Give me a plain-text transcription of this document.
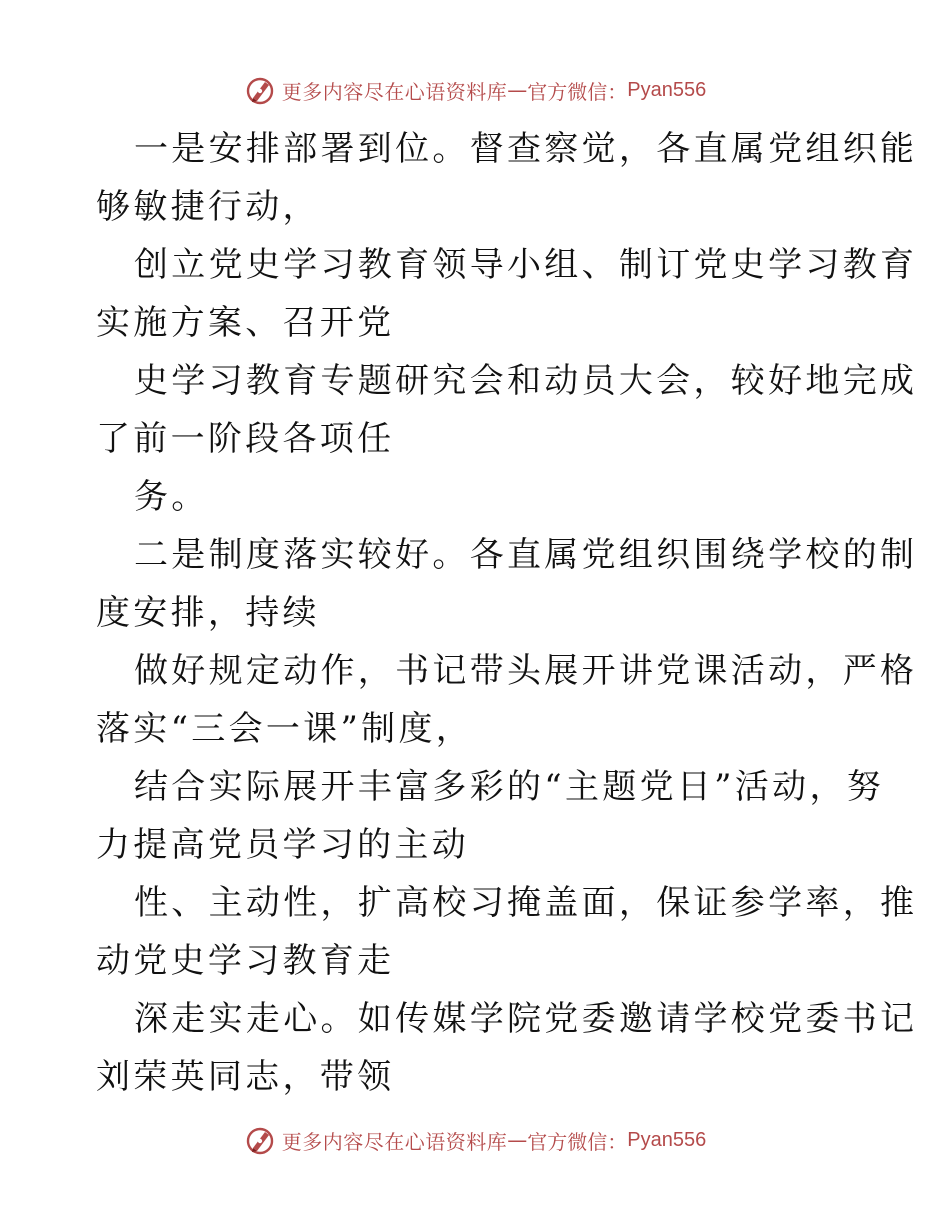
更多内容尽在心语资料库 — 官方微信： Pyan556
一是安排部署到位。督查察觉，各直属党组织能
够敏捷行动，
创立党史学习教育领导小组、制订党史学习教育
实施方案、召开党
史学习教育专题研究会和动员大会，较好地完成
了前一阶段各项任
务。
二是制度落实较好。各直属党组织围绕学校的制
度安排，持续
做好规定动作，书记带头展开讲党课活动，严格
落实“三会一课”制度，
结合实际展开丰富多彩的“主题党日”活动，努
力提高党员学习的主动
性、主动性，扩高校习掩盖面，保证参学率，推
动党史学习教育走
深走实走心。如传媒学院党委邀请学校党委书记
刘荣英同志，带领
更多内容尽在心语资料库 — 官方微信： Pyan556
